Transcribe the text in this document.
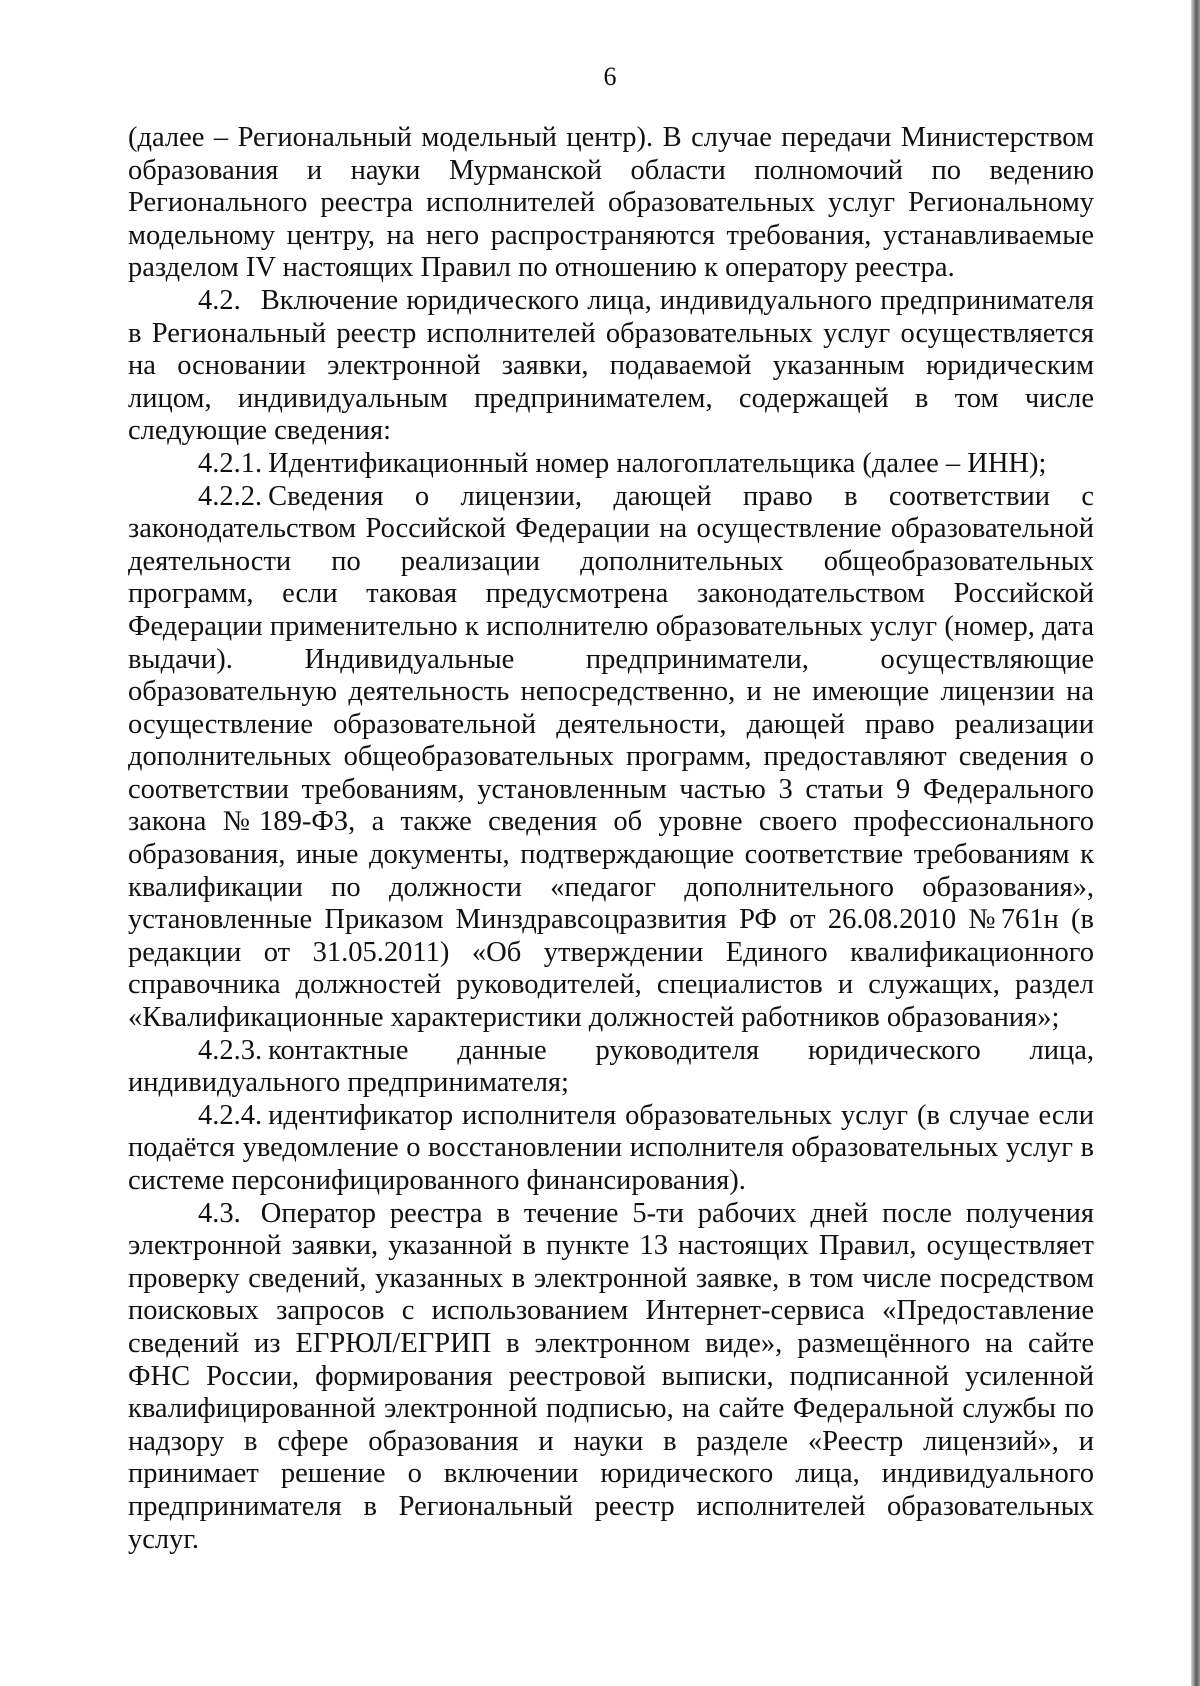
6

(далее – Региональный модельный центр). В случае передачи Министерством образования и науки Мурманской области полномочий по ведению Регионального реестра исполнителей образовательных услуг Региональному модельному центру, на него распространяются требования, устанавливаемые разделом IV настоящих Правил по отношению к оператору реестра.

4.2. Включение юридического лица, индивидуального предпринимателя в Региональный реестр исполнителей образовательных услуг осуществляется на основании электронной заявки, подаваемой указанным юридическим лицом, индивидуальным предпринимателем, содержащей в том числе следующие сведения:

4.2.1. Идентификационный номер налогоплательщика (далее – ИНН);

4.2.2. Сведения о лицензии, дающей право в соответствии с законодательством Российской Федерации на осуществление образовательной деятельности по реализации дополнительных общеобразовательных программ, если таковая предусмотрена законодательством Российской Федерации применительно к исполнителю образовательных услуг (номер, дата выдачи). Индивидуальные предприниматели, осуществляющие образовательную деятельность непосредственно, и не имеющие лицензии на осуществление образовательной деятельности, дающей право реализации дополнительных общеобразовательных программ, предоставляют сведения о соответствии требованиям, установленным частью 3 статьи 9 Федерального закона №189-ФЗ, а также сведения об уровне своего профессионального образования, иные документы, подтверждающие соответствие требованиям к квалификации по должности «педагог дополнительного образования», установленные Приказом Минздравсоцразвития РФ от 26.08.2010 №761н (в редакции от 31.05.2011) «Об утверждении Единого квалификационного справочника должностей руководителей, специалистов и служащих, раздел «Квалификационные характеристики должностей работников образования»;

4.2.3. контактные данные руководителя юридического лица, индивидуального предпринимателя;

4.2.4. идентификатор исполнителя образовательных услуг (в случае если подаётся уведомление о восстановлении исполнителя образовательных услуг в системе персонифицированного финансирования).

4.3. Оператор реестра в течение 5-ти рабочих дней после получения электронной заявки, указанной в пункте 13 настоящих Правил, осуществляет проверку сведений, указанных в электронной заявке, в том числе посредством поисковых запросов с использованием Интернет-сервиса «Предоставление сведений из ЕГРЮЛ/ЕГРИП в электронном виде», размещённого на сайте ФНС России, формирования реестровой выписки, подписанной усиленной квалифицированной электронной подписью, на сайте Федеральной службы по надзору в сфере образования и науки в разделе «Реестр лицензий», и принимает решение о включении юридического лица, индивидуального предпринимателя в Региональный реестр исполнителей образовательных услуг.
